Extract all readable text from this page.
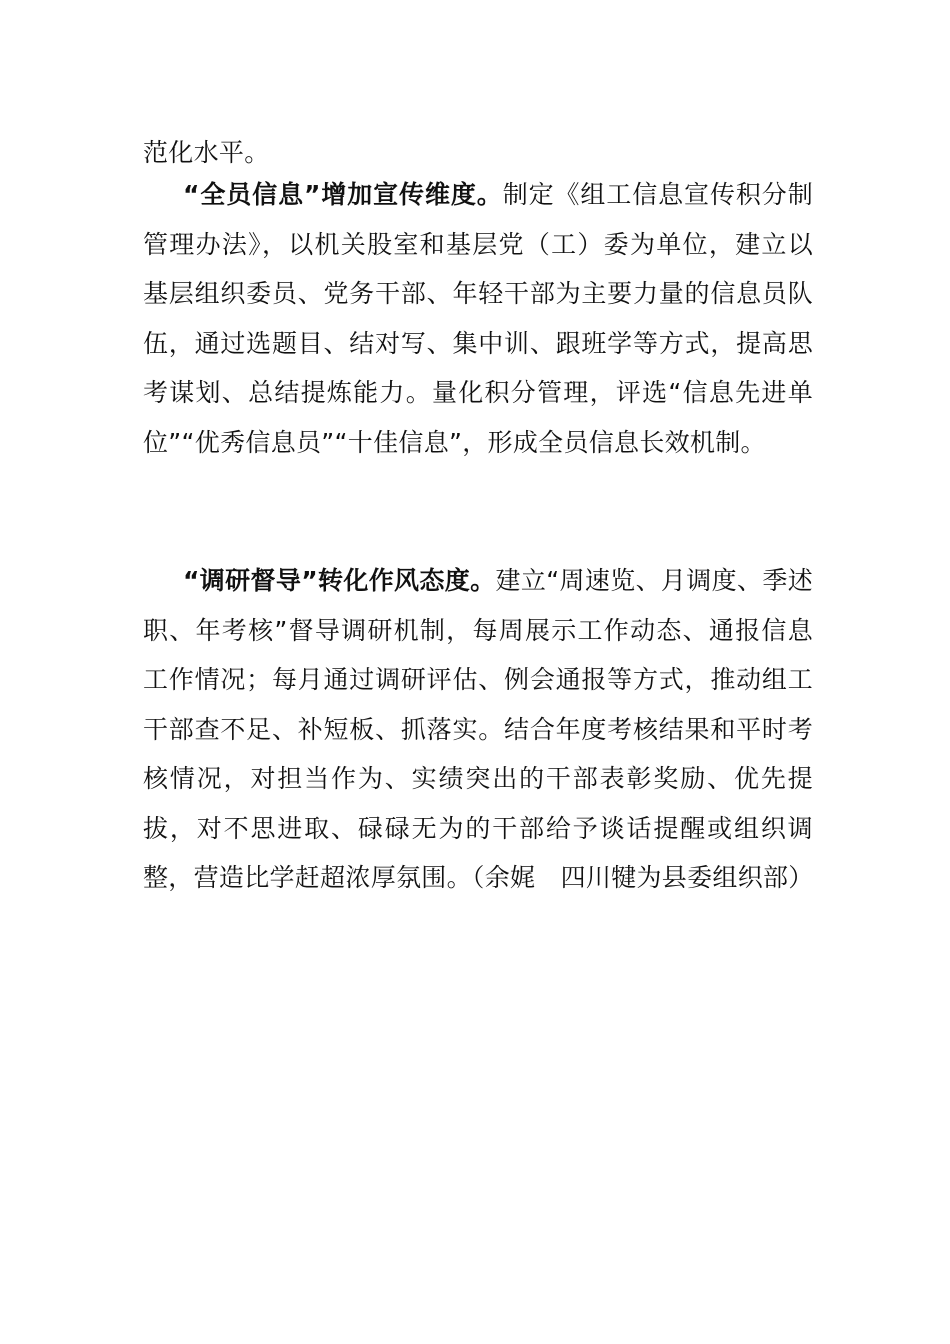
范化水平。

“全员信息”增加宣传维度。制定《组工信息宣传积分制管理办法》，以机关股室和基层党（工）委为单位，建立以基层组织委员、党务干部、年轻干部为主要力量的信息员队伍，通过选题目、结对写、集中训、跟班学等方式，提高思考谋划、总结提炼能力。量化积分管理，评选“信息先进单位”“优秀信息员”“十佳信息”，形成全员信息长效机制。

“调研督导”转化作风态度。建立“周速览、月调度、季述职、年考核”督导调研机制，每周展示工作动态、通报信息工作情况；每月通过调研评估、例会通报等方式，推动组工干部查不足、补短板、抓落实。结合年度考核结果和平时考核情况，对担当作为、实绩突出的干部表彰奖励、优先提拔，对不思进取、碌碌无为的干部给予谈话提醒或组织调整，营造比学赶超浓厚氛围。（余娓　四川犍为县委组织部）
